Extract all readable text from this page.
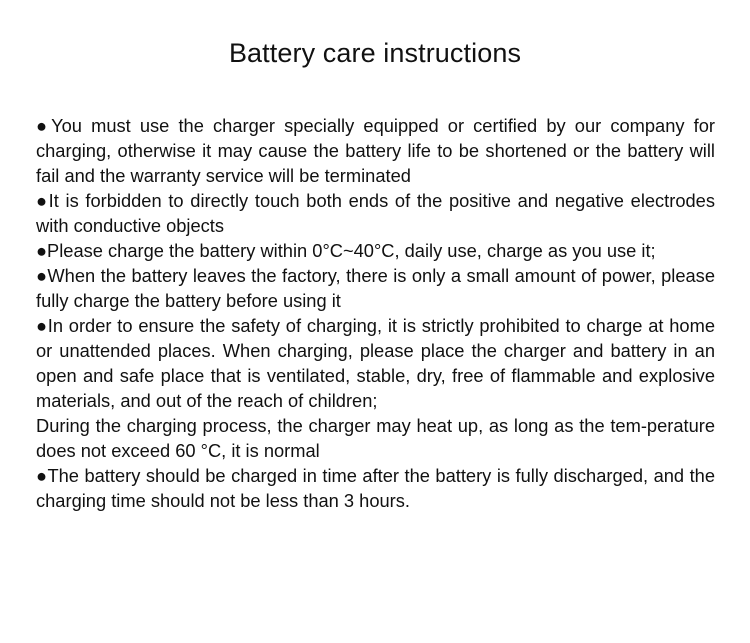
Battery care instructions

●You must use the charger specially equipped or certified by our company for charging, otherwise it may cause the battery life to be shortened or the battery will fail and the warranty service will be terminated

●It is forbidden to directly touch both ends of the positive and negative electrodes with conductive objects

●Please charge the battery within 0°C~40°C, daily use, charge as you use it;

●When the battery leaves the factory, there is only a small amount of power, please fully charge the battery before using it

●In order to ensure the safety of charging, it is strictly prohibited to charge at home or unattended places. When charging, please place the charger and battery in an open and safe place that is ventilated, stable, dry, free of flammable and explosive materials, and out of the reach of children;

During the charging process, the charger may heat up, as long as the tem-perature does not exceed 60 °C, it is normal

●The battery should be charged in time after the battery is fully discharged, and the charging time should not be less than 3 hours.
